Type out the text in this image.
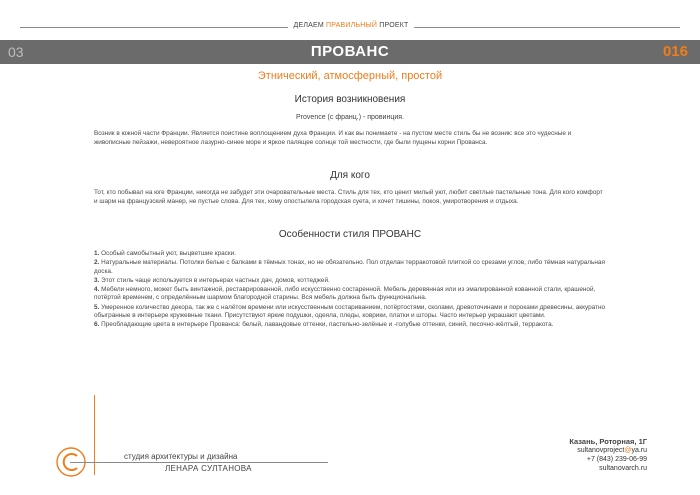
ДЕЛАЕМ ПРАВИЛЬНЫЙ ПРОЕКТ
03	ПРОВАНС	016
Этнический, атмосферный, простой
История возникновения
Provence (с франц.) - провинция.
Возник в южной части Франции. Является поистине воплощением духа Франции. И как вы понимаете - на пустом месте стиль бы не возник: все это чудесные и живописные пейзажи, невероятное лазурно-синее море и яркое палящее солнце той местности, где были пущены корни Прованса.
Для кого
Тот, кто побывал на юге Франции, никогда не забудет эти очаровательные места. Стиль для тех, кто ценит милый уют, любит светлые пастельные тона. Для кого комфорт и шарм на французский манер, не пустые слова. Для тех, кому опостылела городская суета, и хочет тишины, покоя, умиротворения и отдыха.
Особенности стиля ПРОВАНС
1. Особый самобытный уют, выцветшие краски.
2. Натуральные материалы. Потолки белые с балками в тёмных тонах, но не обязательно. Пол отделан терракотовой плиткой со срезами углов, либо тёмная натуральная доска.
3. Этот стиль чаще используется в интерьерах частных дач, домов, коттеджей.
4. Мебели немного, может быть винтажной, реставрированной, либо искусственно состаренной. Мебель деревянная или из эмалированной кованной стали, крашеной, потёртой временем, с определённым шармом благородной старины. Вся мебель должна быть функциональна.
5. Умеренное количество декора, так же с налётом времени или искусственным состариванием, потёртостями, сколами, древоточинами и пороками древесины, аккуратно обыгранные в интерьере кружевные ткани. Присутствуют яркие подушки, одеяла, пледы, коврики, платки и шторы. Часто интерьер украшают цветами.
6. Преобладающие цвета в интерьере Прованса: белый, лавандовые оттенки, пастельно-зелёные и -голубые оттенки, синий, песочно-жёлтый, терракота.
студия архитектуры и дизайна
ЛЕНАРА СУЛТАНОВА
Казань, Роторная, 1Г
sultanovproject@ya.ru
+7 (843) 239-06-99
sultanovarch.ru
